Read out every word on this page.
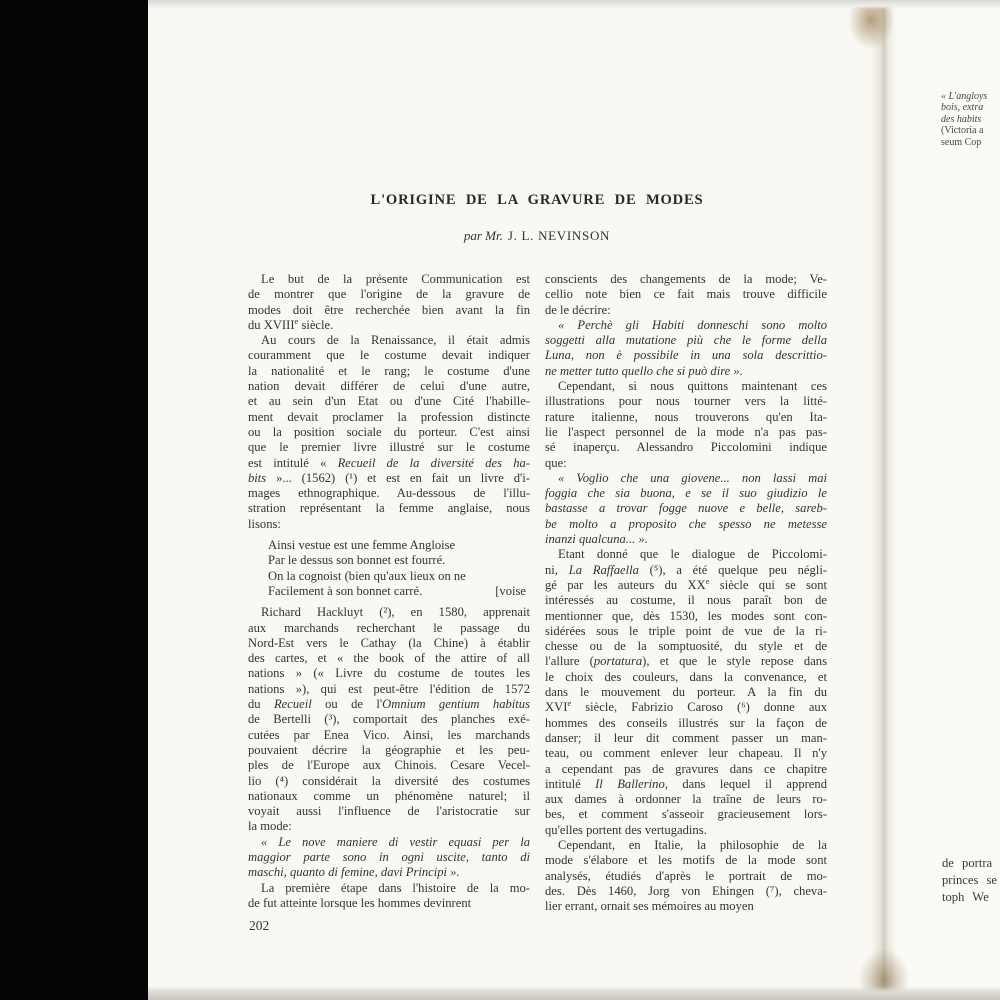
L'ORIGINE DE LA GRAVURE DE MODES
par Mr. J. L. NEVINSON
Le but de la présente Communication est
de montrer que l'origine de la gravure de
modes doit être recherchée bien avant la fin
du XVIIIe siècle.
Au cours de la Renaissance, il était admis
couramment que le costume devait indiquer
la nationalité et le rang; le costume d'une
nation devait différer de celui d'une autre,
et au sein d'un Etat ou d'une Cité l'habille-
ment devait proclamer la profession distincte
ou la position sociale du porteur. C'est ainsi
que le premier livre illustré sur le costume
est intitulé « Recueil de la diversité des ha-
bits »... (1562) (¹) et est en fait un livre d'i-
mages ethnographique. Au-dessous de l'illu-
stration représentant la femme anglaise, nous
lisons:
Ainsi vestue est une femme Angloise
Par le dessus son bonnet est fourré.
On la cognoist (bien qu'aux lieux on ne
[voise
Facilement à son bonnet carré.
Richard Hackluyt (²), en 1580, apprenait
aux marchands recherchant le passage du
Nord-Est vers le Cathay (la Chine) à établir
des cartes, et « the book of the attire of all
nations » (« Livre du costume de toutes les
nations »), qui est peut-être l'édition de 1572
du Recueil ou de l'Omnium gentium habitus
de Bertelli (³), comportait des planches exé-
cutées par Enea Vico. Ainsi, les marchands
pouvaient décrire la géographie et les peu-
ples de l'Europe aux Chinois. Cesare Vecel-
lio (⁴) considérait la diversité des costumes
nationaux comme un phénomène naturel; il
voyait aussi l'influence de l'aristocratie sur
la mode:
« Le nove maniere di vestir equasi per la
maggior parte sono in ogni uscite, tanto di
maschi, quanto di femine, davi Principi ».
La première étape dans l'histoire de la mo-
de fut atteinte lorsque les hommes devinrent
conscients des changements de la mode; Ve-
cellio note bien ce fait mais trouve difficile
de le décrire:
« Perchè gli Habiti donneschi sono molto
soggetti alla mutatione più che le forme della
Luna, non è possibile in una sola descrittio-
ne metter tutto quello che si può dire ».
Cependant, si nous quittons maintenant ces
illustrations pour nous tourner vers la litté-
rature italienne, nous trouverons qu'en Ita-
lie l'aspect personnel de la mode n'a pas pas-
sé inaperçu. Alessandro Piccolomini indique
que:
« Voglio che una giovene... non lassi mai
foggia che sia buona, e se il suo giudizio le
bastasse a trovar fogge nuove e belle, sareb-
be molto a proposito che spesso ne metesse
inanzi qualcuna... ».
Etant donné que le dialogue de Piccolomi-
ni, La Raffaella (⁵), a été quelque peu négli-
gé par les auteurs du XXe siècle qui se sont
intéressés au costume, il nous paraît bon de
mentionner que, dès 1530, les modes sont con-
sidérées sous le triple point de vue de la ri-
chesse ou de la somptuosité, du style et de
l'allure (portatura), et que le style repose dans
le choix des couleurs, dans la convenance, et
dans le mouvement du porteur. A la fin du
XVIe siècle, Fabrizio Caroso (⁶) donne aux
hommes des conseils illustrés sur la façon de
danser; il leur dit comment passer un man-
teau, ou comment enlever leur chapeau. Il n'y
a cependant pas de gravures dans ce chapitre
intitulé Il Ballerino, dans lequel il apprend
aux dames à ordonner la traîne de leurs ro-
bes, et comment s'asseoir gracieusement lors-
qu'elles portent des vertugadins.
Cependant, en Italie, la philosophie de la
mode s'élabore et les motifs de la mode sont
analysés, étudiés d'après le portrait de mo-
des. Dès 1460, Jorg von Ehingen (⁷), cheva-
lier errant, ornait ses mémoires au moyen
« L'angloys
bois, extra
des habits
(Victoria a
seum Cop
de portra
princes se
toph We
202
